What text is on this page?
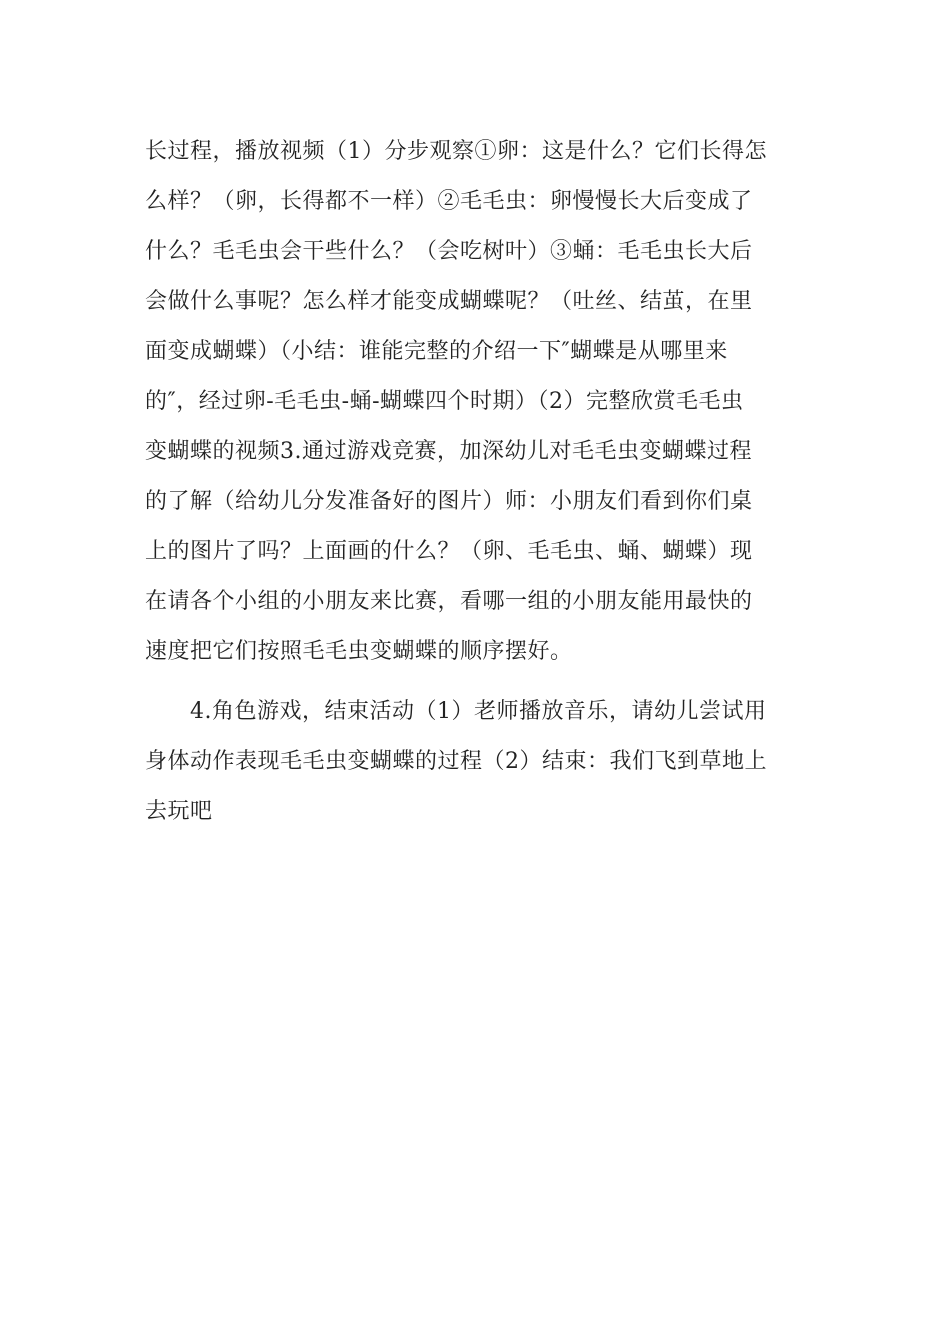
长过程，播放视频（1）分步观察①卵：这是什么？它们长得怎
么样？（卵，长得都不一样）②毛毛虫：卵慢慢长大后变成了
什么？毛毛虫会干些什么？（会吃树叶）③蛹：毛毛虫长大后
会做什么事呢？怎么样才能变成蝴蝶呢？（吐丝、结茧，在里
面变成蝴蝶）（小结：谁能完整的介绍一下″蝴蝶是从哪里来
的″，经过卵-毛毛虫-蛹-蝴蝶四个时期）（2）完整欣赏毛毛虫
变蝴蝶的视频3.通过游戏竞赛，加深幼儿对毛毛虫变蝴蝶过程
的了解（给幼儿分发准备好的图片）师：小朋友们看到你们桌
上的图片了吗？上面画的什么？（卵、毛毛虫、蛹、蝴蝶）现
在请各个小组的小朋友来比赛，看哪一组的小朋友能用最快的
速度把它们按照毛毛虫变蝴蝶的顺序摆好。
　　4.角色游戏，结束活动（1）老师播放音乐，请幼儿尝试用
身体动作表现毛毛虫变蝴蝶的过程（2）结束：我们飞到草地上
去玩吧
